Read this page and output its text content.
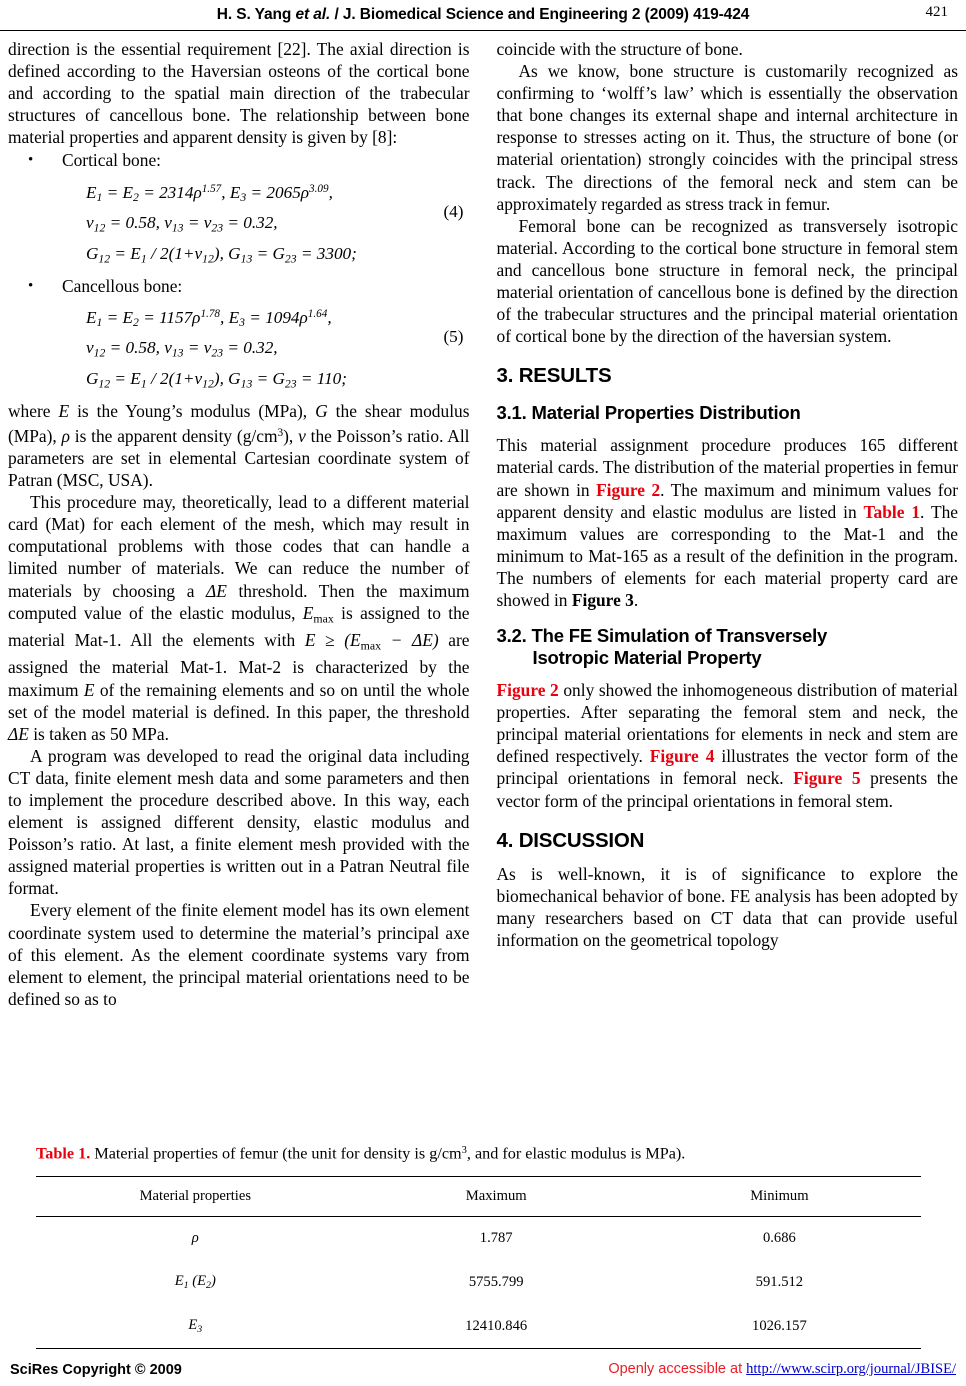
H. S. Yang et al. / J. Biomedical Science and Engineering 2 (2009) 419-424	421

direction is the essential requirement [22]. The axial direction is defined according to the Haversian osteons of the cortical bone and according to the spatial main direction of the trabecular structures of cancellous bone. The relationship between bone material properties and apparent density is given by [8]:

•	Cortical bone:
$E_1 = E_2 = 2314\rho^{1.57}$, $E_3 = 2065\rho^{3.09}$,
$\nu_{12} = 0.58$, $\nu_{13} = \nu_{23} = 0.32$,
$G_{12} = E_1 / 2(1+\nu_{12})$, $G_{13} = G_{23} = 3300$;
(4)
•	Cancellous bone:
$E_1 = E_2 = 1157\rho^{1.78}$, $E_3 = 1094\rho^{1.64}$,
$\nu_{12} = 0.58$, $\nu_{13} = \nu_{23} = 0.32$,
$G_{12} = E_1 / 2(1+\nu_{12})$, $G_{13} = G_{23} = 110$;
(5)

where E is the Young’s modulus (MPa), G the shear modulus (MPa), ρ is the apparent density $(g/cm^3)$, ν the Poisson’s ratio. All parameters are set in elemental Cartesian coordinate system of Patran (MSC, USA).

This procedure may, theoretically, lead to a different material card (Mat) for each element of the mesh, which may result in computational problems with those codes that can handle a limited number of materials. We can reduce the number of materials by choosing a ΔE threshold. Then the maximum computed value of the elastic modulus, $E_{max}$ is assigned to the material Mat-1. All the elements with $E \ge (E_{max} - \Delta E)$ are assigned the material Mat-1. Mat-2 is characterized by the maximum E of the remaining elements and so on until the whole set of the model material is defined. In this paper, the threshold ΔE is taken as 50 MPa.

A program was developed to read the original data including CT data, finite element mesh data and some parameters and then to implement the procedure described above. In this way, each element is assigned different density, elastic modulus and Poisson’s ratio. At last, a finite element mesh provided with the assigned material properties is written out in a Patran Neutral file format.

Every element of the finite element model has its own element coordinate system used to determine the material’s principal axe of this element. As the element coordinate systems vary from element to element, the principal material orientations need to be defined so as to

coincide with the structure of bone.

As we know, bone structure is customarily recognized as confirming to ‘wolff’s law’ which is essentially the observation that bone changes its external shape and internal architecture in response to stresses acting on it. Thus, the structure of bone (or material orientation) strongly coincides with the principal stress track. The directions of the femoral neck and stem can be approximately regarded as stress track in femur.

Femoral bone can be recognized as transversely isotropic material. According to the cortical bone structure in femoral stem and cancellous bone structure in femoral neck, the principal material orientation of cancellous bone is defined by the direction of the trabecular structures and the principal material orientation of cortical bone by the direction of the haversian system.

3. RESULTS
3.1. Material Properties Distribution

This material assignment procedure produces 165 different material cards. The distribution of the material properties in femur are shown in Figure 2. The maximum and minimum values for apparent density and elastic modulus are listed in Table 1. The maximum values are corresponding to the Mat-1 and the minimum to Mat-165 as a result of the definition in the program. The numbers of elements for each material property card are showed in Figure 3.

3.2. The FE Simulation of Transversely
Isotropic Material Property

Figure 2 only showed the inhomogeneous distribution of material properties. After separating the femoral stem and neck, the principal material orientations for elements in neck and stem are defined respectively. Figure 4 illustrates the vector form of the principal orientations in femoral neck. Figure 5 presents the vector form of the principal orientations in femoral stem.

4. DISCUSSION

As is well-known, it is of significance to explore the biomechanical behavior of bone. FE analysis has been adopted by many researchers based on CT data that can provide useful information on the geometrical topology

Table 1. Material properties of femur (the unit for density is $g/cm^3$, and for elastic modulus is MPa).
Material properties	Maximum	Minimum
ρ	1.787	0.686
$E_1$ $(E_2)$	5755.799	591.512
$E_3$	12410.846	1026.157
SciRes Copyright © 2009	Openly accessible at http://www.scirp.org/journal/JBISE/
